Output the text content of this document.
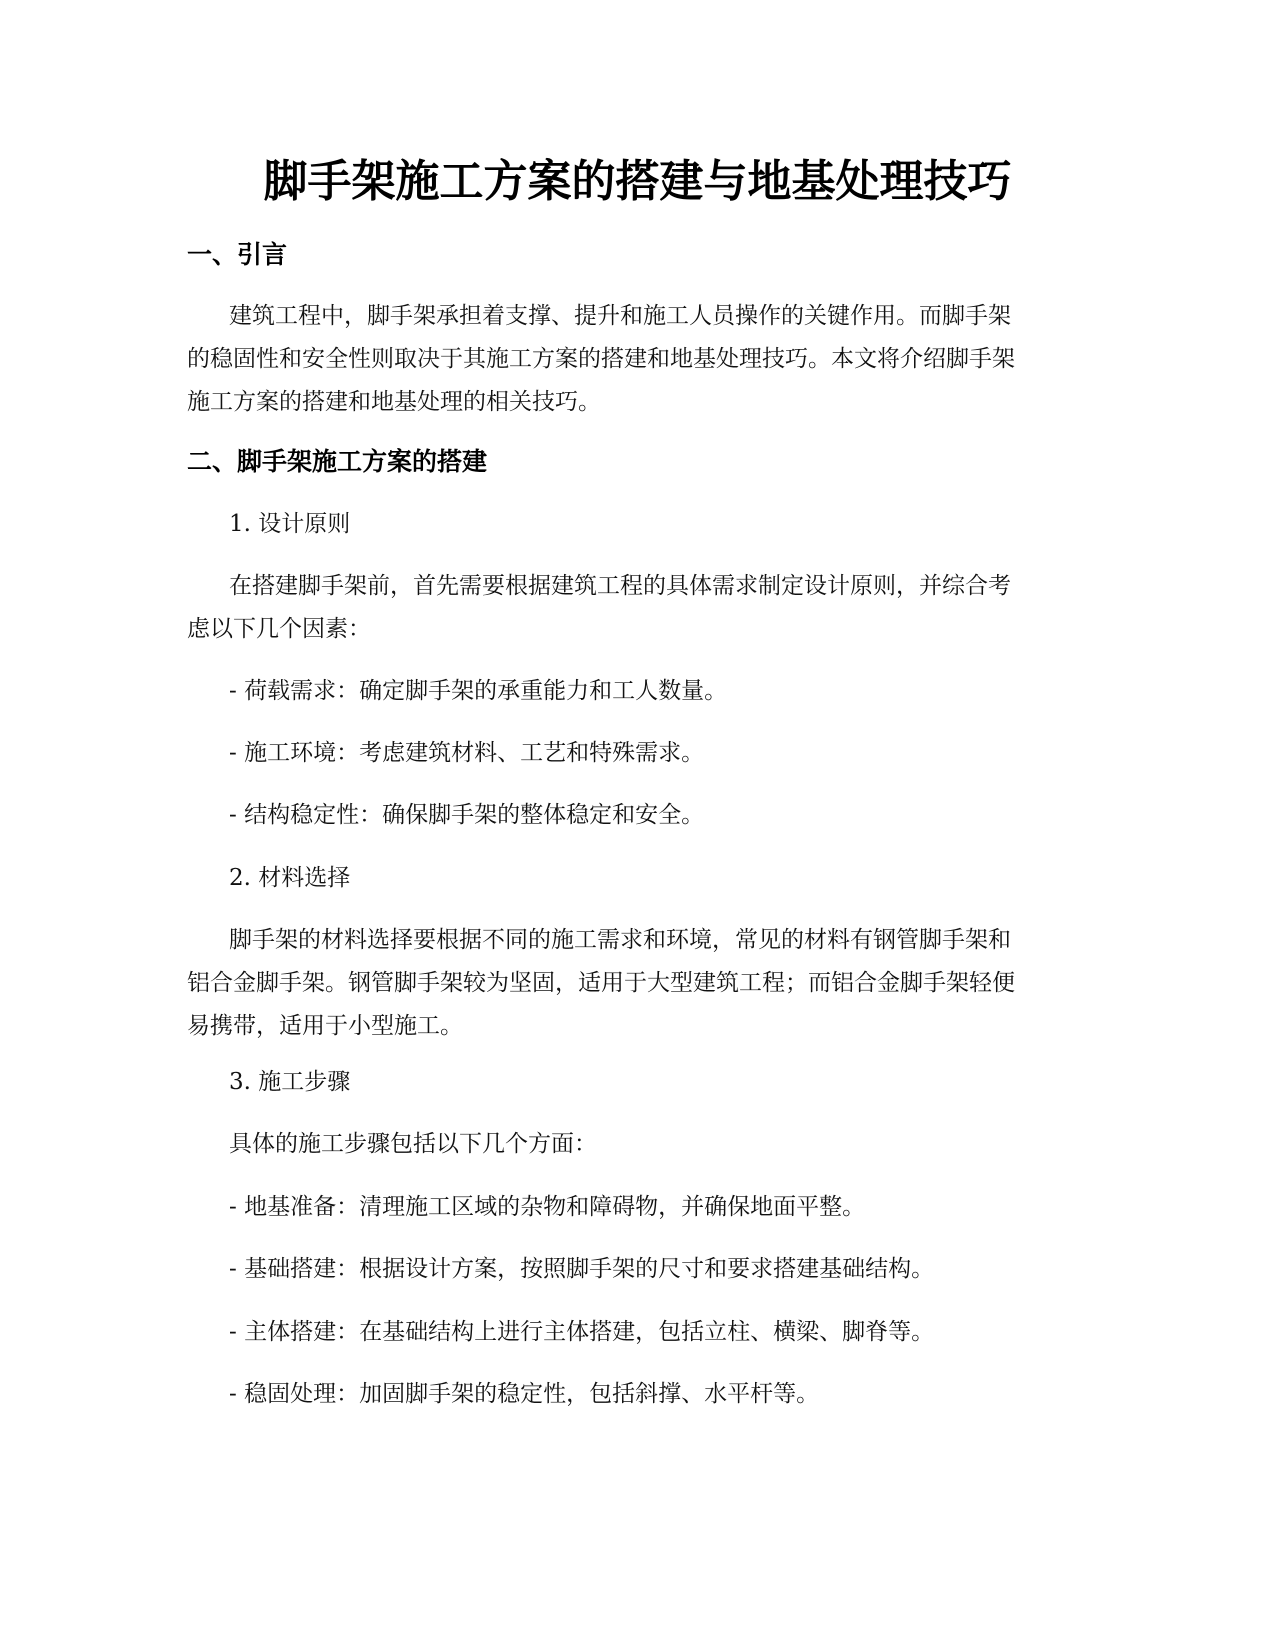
脚手架施工方案的搭建与地基处理技巧
一、引言
建筑工程中，脚手架承担着支撑、提升和施工人员操作的关键作用。而脚手架
的稳固性和安全性则取决于其施工方案的搭建和地基处理技巧。本文将介绍脚手架
施工方案的搭建和地基处理的相关技巧。
二、脚手架施工方案的搭建
1. 设计原则
在搭建脚手架前，首先需要根据建筑工程的具体需求制定设计原则，并综合考
虑以下几个因素：
- 荷载需求：确定脚手架的承重能力和工人数量。
- 施工环境：考虑建筑材料、工艺和特殊需求。
- 结构稳定性：确保脚手架的整体稳定和安全。
2. 材料选择
脚手架的材料选择要根据不同的施工需求和环境，常见的材料有钢管脚手架和
铝合金脚手架。钢管脚手架较为坚固，适用于大型建筑工程；而铝合金脚手架轻便
易携带，适用于小型施工。
3. 施工步骤
具体的施工步骤包括以下几个方面：
- 地基准备：清理施工区域的杂物和障碍物，并确保地面平整。
- 基础搭建：根据设计方案，按照脚手架的尺寸和要求搭建基础结构。
- 主体搭建：在基础结构上进行主体搭建，包括立柱、横梁、脚脊等。
- 稳固处理：加固脚手架的稳定性，包括斜撑、水平杆等。
